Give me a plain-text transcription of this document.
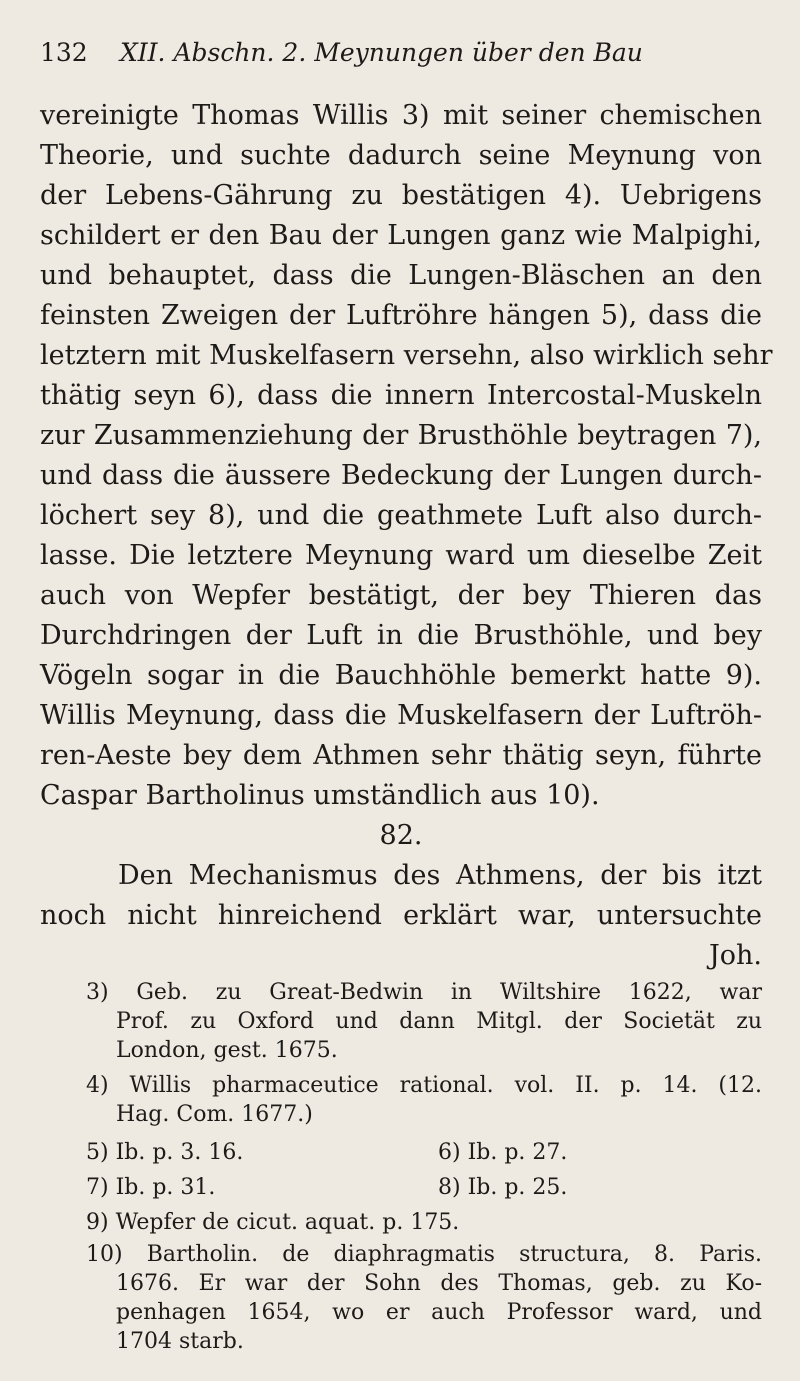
132 XII. Abschn. 2. Meynungen über den Bau
vereinigte Thomas Willis 3) mit seiner chemischen
Theorie, und suchte dadurch seine Meynung von
der Lebens-Gährung zu bestätigen 4). Uebrigens
schildert er den Bau der Lungen ganz wie Malpighi,
und behauptet, dass die Lungen-Bläschen an den
feinsten Zweigen der Luftröhre hängen 5), dass die
letztern mit Muskelfasern versehn, also wirklich sehr
thätig seyn 6), dass die innern Intercostal-Muskeln
zur Zusammenziehung der Brusthöhle beytragen 7),
und dass die äussere Bedeckung der Lungen durch-
löchert sey 8), und die geathmete Luft also durch-
lasse. Die letztere Meynung ward um dieselbe Zeit
auch von Wepfer bestätigt, der bey Thieren das
Durchdringen der Luft in die Brusthöhle, und bey
Vögeln sogar in die Bauchhöhle bemerkt hatte 9).
Willis Meynung, dass die Muskelfasern der Luftröh-
ren-Aeste bey dem Athmen sehr thätig seyn, führte
Caspar Bartholinus umständlich aus 10).
82.
Den Mechanismus des Athmens, der bis itzt
noch nicht hinreichend erklärt war, untersuchte
Joh.
3) Geb. zu Great-Bedwin in Wiltshire 1622, war
Prof. zu Oxford und dann Mitgl. der Societät zu
London, gest. 1675.
4) Willis pharmaceutice rational. vol. II. p. 14. (12.
Hag. Com. 1677.)
5) Ib. p. 3. 16.	6) Ib. p. 27.
7) Ib. p. 31.	8) Ib. p. 25.
9) Wepfer de cicut. aquat. p. 175.
10) Bartholin. de diaphragmatis structura, 8. Paris.
1676. Er war der Sohn des Thomas, geb. zu Ko-
penhagen 1654, wo er auch Professor ward, und
1704 starb.
